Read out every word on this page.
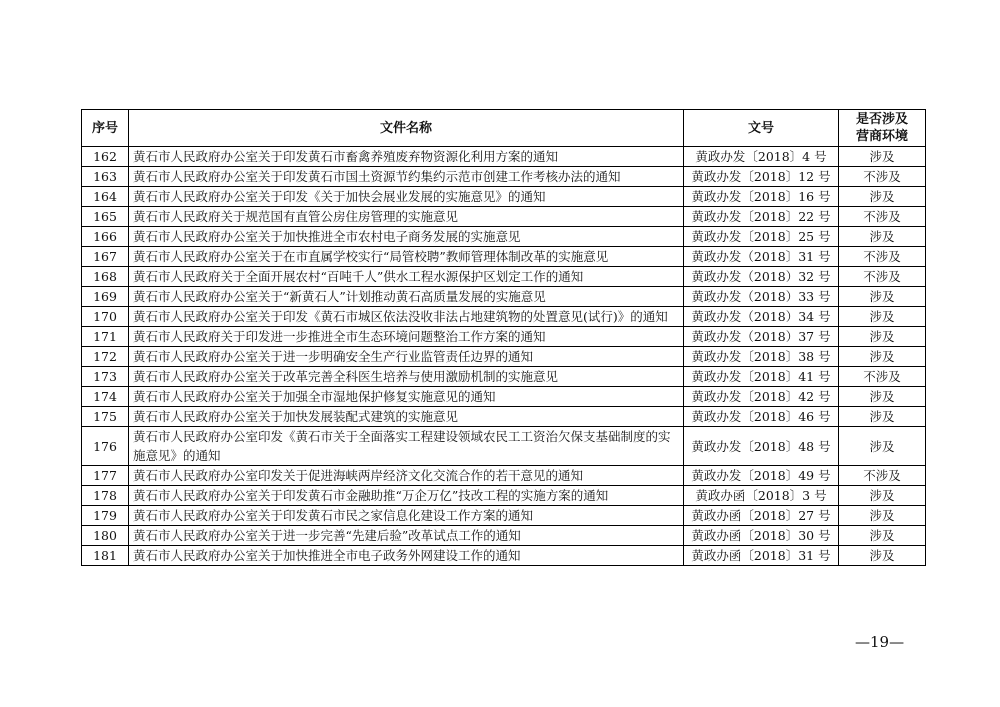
序号	文件名称	文号	是否涉及
营商环境

162	黄石市人民政府办公室关于印发黄石市畜禽养殖废弃物资源化利用方案的通知	黄政办发〔2018〕4 号	涉及
163	黄石市人民政府办公室关于印发黄石市国土资源节约集约示范市创建工作考核办法的通知	黄政办发〔2018〕12 号	不涉及
164	黄石市人民政府办公室关于印发《关于加快会展业发展的实施意见》的通知	黄政办发〔2018〕16 号	涉及
165	黄石市人民政府关于规范国有直管公房住房管理的实施意见	黄政办发〔2018〕22 号	不涉及
166	黄石市人民政府办公室关于加快推进全市农村电子商务发展的实施意见	黄政办发〔2018〕25 号	涉及
167	黄石市人民政府办公室关于在市直属学校实行“局管校聘”教师管理体制改革的实施意见	黄政办发（2018〕31 号	不涉及
168	黄石市人民政府关于全面开展农村“百吨千人”供水工程水源保护区划定工作的通知	黄政办发（2018）32 号	不涉及
169	黄石市人民政府办公室关于“新黄石人”计划推动黄石高质量发展的实施意见	黄政办发（2018）33 号	涉及
170	黄石市人民政府办公室关于印发《黄石市城区依法没收非法占地建筑物的处置意见(试行)》的通知	黄政办发（2018）34 号	涉及
171	黄石市人民政府关于印发进一步推进全市生态环境问题整治工作方案的通知	黄政办发（2018）37 号	涉及
172	黄石市人民政府办公室关于进一步明确安全生产行业监管责任边界的通知	黄政办发〔2018〕38 号	涉及
173	黄石市人民政府办公室关于改革完善全科医生培养与使用激励机制的实施意见	黄政办发〔2018〕41 号	不涉及
174	黄石市人民政府办公室关于加强全市湿地保护修复实施意见的通知	黄政办发〔2018〕42 号	涉及
175	黄石市人民政府办公室关于加快发展装配式建筑的实施意见	黄政办发〔2018〕46 号	涉及
176	黄石市人民政府办公室印发《黄石市关于全面落实工程建设领域农民工工资治欠保支基础制度的实施意见》的通知	黄政办发〔2018〕48 号	涉及
177	黄石市人民政府办公室印发关于促进海峡两岸经济文化交流合作的若干意见的通知	黄政办发〔2018〕49 号	不涉及
178	黄石市人民政府办公室关于印发黄石市金融助推“万企万亿”技改工程的实施方案的通知	黄政办函〔2018〕3 号	涉及
179	黄石市人民政府办公室关于印发黄石市民之家信息化建设工作方案的通知	黄政办函〔2018〕27 号	涉及
180	黄石市人民政府办公室关于进一步完善“先建后验”改革试点工作的通知	黄政办函〔2018〕30 号	涉及
181	黄石市人民政府办公室关于加快推进全市电子政务外网建设工作的通知	黄政办函〔2018〕31 号	涉及
—19—
